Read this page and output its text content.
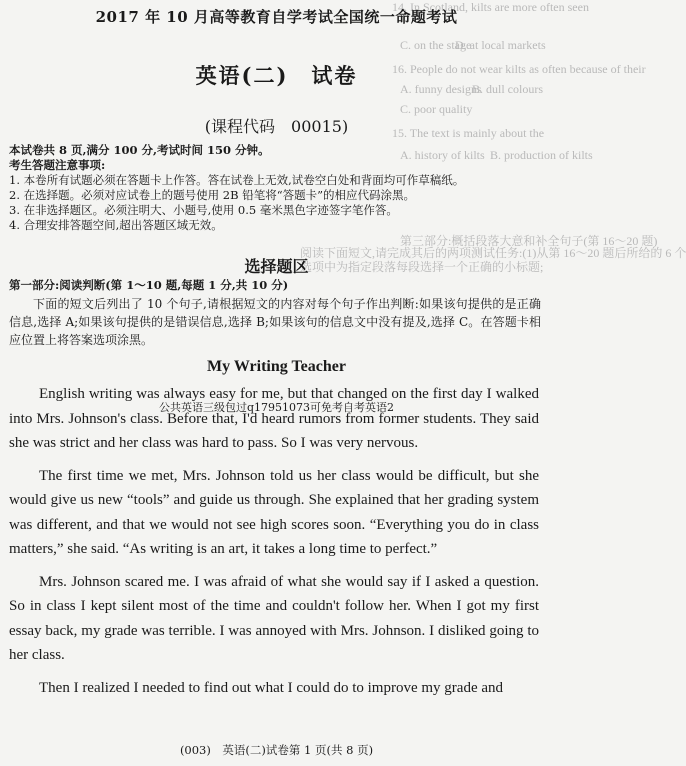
14. In Scotland, kilts are more often seen
C. on the stage
D. at local markets
16. People do not wear kilts as often because of their
A. funny designs
B. dull colours
C. poor quality
15. The text is mainly about the
A. history of kilts B. production of kilts
第三部分:概括段落大意和补全句子(第 16～20 题)
阅读下面短文,请完成其后的两项测试任务:(1)从第 16～20 题后所给的 6 个
选项中为指定段落每段选择一个正确的小标题;
2017 年 10 月高等教育自学考试全国统一命题考试
英语(二)　试卷
(课程代码　00015)
本试卷共 8 页,满分 100 分,考试时间 150 分钟。
考生答题注意事项:
1. 本卷所有试题必须在答题卡上作答。答在试卷上无效,试卷空白处和背面均可作草稿纸。
2. 在选择题。必须对应试卷上的题号使用 2B 铅笔将“答题卡”的相应代码涂黑。
3. 在非选择题区。必须注明大、小题号,使用 0.5 毫米黑色字迹签字笔作答。
4. 合理安排答题空间,超出答题区域无效。
选择题区
第一部分:阅读判断(第 1～10 题,每题 1 分,共 10 分)
下面的短文后列出了 10 个句子,请根据短文的内容对每个句子作出判断:如果该句提供的是正确信息,选择 A;如果该句提供的是错误信息,选择 B;如果该句的信息文中没有提及,选择 C。在答题卡相应位置上将答案选项涂黑。
My Writing Teacher
公共英语三级包过q17951073可免考自考英语2

English writing was always easy for me, but that changed on the first day I walked into Mrs. Johnson's class. Before that, I'd heard rumors from former students. They said she was strict and her class was hard to pass. So I was very nervous.

The first time we met, Mrs. Johnson told us her class would be difficult, but she would give us new “tools” and guide us through. She explained that her grading system was different, and that we would not see high scores soon. “Everything you do in class matters,” she said. “As writing is an art, it takes a long time to perfect.”

Mrs. Johnson scared me. I was afraid of what she would say if I asked a question. So in class I kept silent most of the time and couldn't follow her. When I got my first essay back, my grade was terrible. I was annoyed with Mrs. Johnson. I disliked going to her class.

Then I realized I needed to find out what I could do to improve my grade and

(003)　英语(二)试卷第 1 页(共 8 页)
